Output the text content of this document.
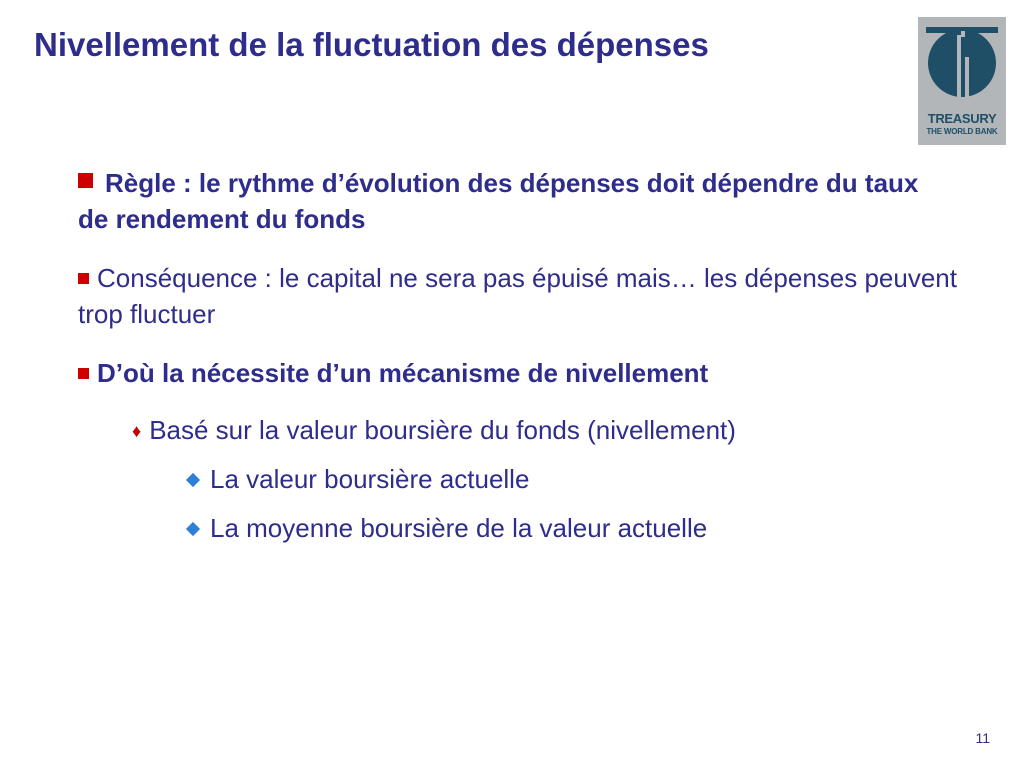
Nivellement de la fluctuation des dépenses
TREASURY
THE WORLD BANK
Règle : le rythme d’évolution des dépenses doit dépendre du taux de rendement du fonds
Conséquence : le capital ne sera pas épuisé mais… les dépenses peuvent trop fluctuer
D’où la nécessite d’un mécanisme de nivellement
♦ Basé sur la valeur boursière du fonds (nivellement)
La valeur boursière actuelle
La moyenne boursière de la valeur actuelle
11
